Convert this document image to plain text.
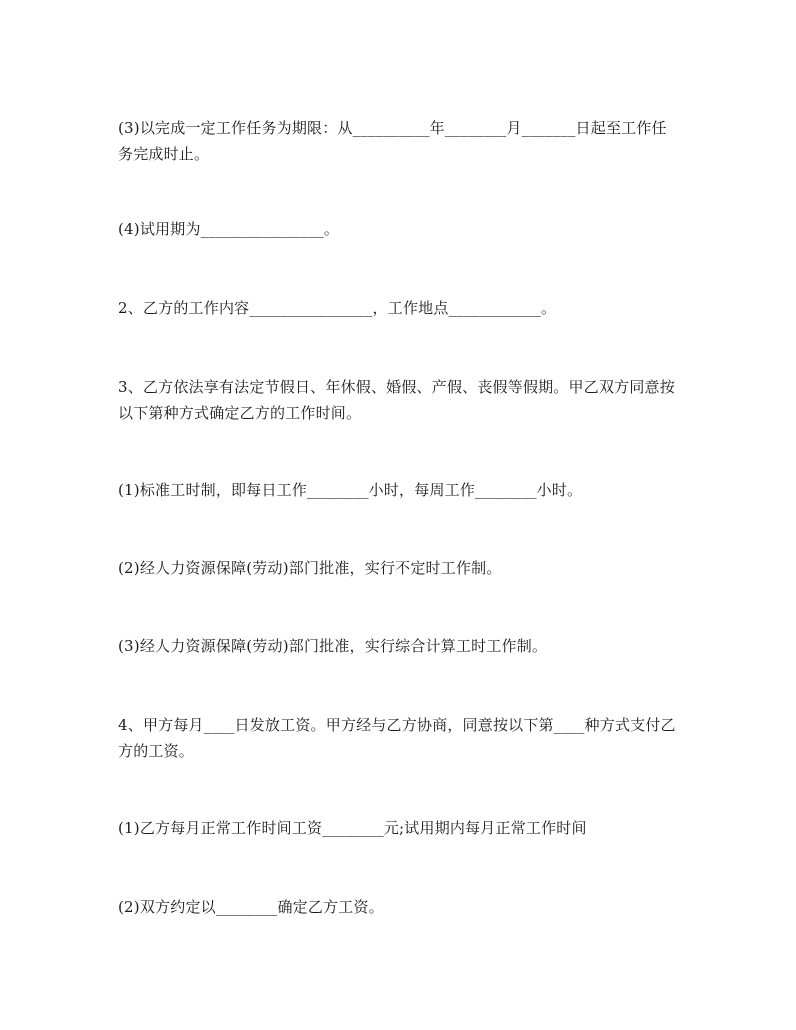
(3)以完成一定工作任务为期限：从__________年________月_______日起至工作任务完成时止。

(4)试用期为________________。

2、乙方的工作内容________________，工作地点____________。

3、乙方依法享有法定节假日、年休假、婚假、产假、丧假等假期。甲乙双方同意按以下第种方式确定乙方的工作时间。

(1)标准工时制，即每日工作________小时，每周工作________小时。

(2)经人力资源保障(劳动)部门批准，实行不定时工作制。

(3)经人力资源保障(劳动)部门批准，实行综合计算工时工作制。

4、甲方每月____日发放工资。甲方经与乙方协商，同意按以下第____种方式支付乙方的工资。

(1)乙方每月正常工作时间工资________元;试用期内每月正常工作时间

(2)双方约定以________确定乙方工资。
